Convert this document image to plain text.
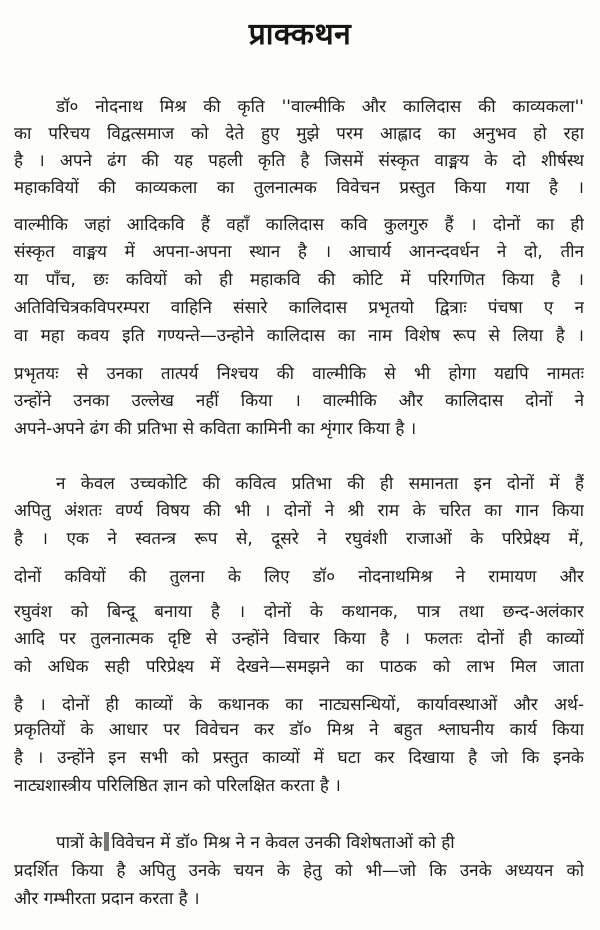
प्राक्कथन
डॉ० नोदनाथ मिश्र की कृति ''वाल्मीकि और कालिदास की काव्यकला''
का परिचय विद्वत्समाज को देते हुए मुझे परम आह्लाद का अनुभव हो रहा
है । अपने ढंग की यह पहली कृति है जिसमें संस्कृत वाङ्मय के दो शीर्षस्थ
महाकवियों की काव्यकला का तुलनात्मक विवेचन प्रस्तुत किया गया है ।
वाल्मीकि जहां आदिकवि हैं वहाँ कालिदास कवि कुलगुरु हैं । दोनों का ही
संस्कृत वाङ्मय में अपना-अपना स्थान है । आचार्य आनन्दवर्धन ने दो, तीन
या पाँच, छः कवियों को ही महाकवि की कोटि में परिगणित किया है ।
अतिविचित्रकविपरम्परा वाहिनि संसारे कालिदास प्रभृतयो द्वित्राः पंचषा ए न
वा महा कवय इति गण्यन्ते—उन्होने कालिदास का नाम विशेष रूप से लिया है ।
प्रभृतयः से उनका तात्पर्य निश्चय की वाल्मीकि से भी होगा यद्यपि नामतः
उन्होंने उनका उल्लेख नहीं किया । वाल्मीकि और कालिदास दोनों ने
अपने-अपने ढंग की प्रतिभा से कविता कामिनी का शृंगार किया है ।
न केवल उच्चकोटि की कवित्व प्रतिभा की ही समानता इन दोनों में हैं
अपितु अंशतः वर्ण्य विषय की भी । दोनों ने श्री राम के चरित का गान किया
है । एक ने स्वतन्त्र रूप से, दूसरे ने रघुवंशी राजाओं के परिप्रेक्ष्य में,
दोनों कवियों की तुलना के लिए डॉ० नोदनाथमिश्र ने रामायण और
रघुवंश को बिन्दू बनाया है । दोनों के कथानक, पात्र तथा छन्द-अलंकार
आदि पर तुलनात्मक दृष्टि से उन्होंने विचार किया है । फलतः दोनों ही काव्यों
को अधिक सही परिप्रेक्ष्य में देखने—समझने का पाठक को लाभ मिल जाता
है । दोनों ही काव्यों के कथानक का नाट्यसन्धियों, कार्यावस्थाओं और अर्थ-
प्रकृतियों के आधार पर विवेचन कर डॉ० मिश्र ने बहुत श्लाघनीय कार्य किया
है । उन्होंने इन सभी को प्रस्तुत काव्यों में घटा कर दिखाया है जो कि इनके
नाट्यशास्त्रीय परिलिष्ठित ज्ञान को परिलक्षित करता है ।
पात्रों के विवेचन में डॉ० मिश्र ने न केवल उनकी विशेषताओं को ही
प्रदर्शित किया है अपितु उनके चयन के हेतु को भी—जो कि उनके अध्ययन को
और गम्भीरता प्रदान करता है ।
